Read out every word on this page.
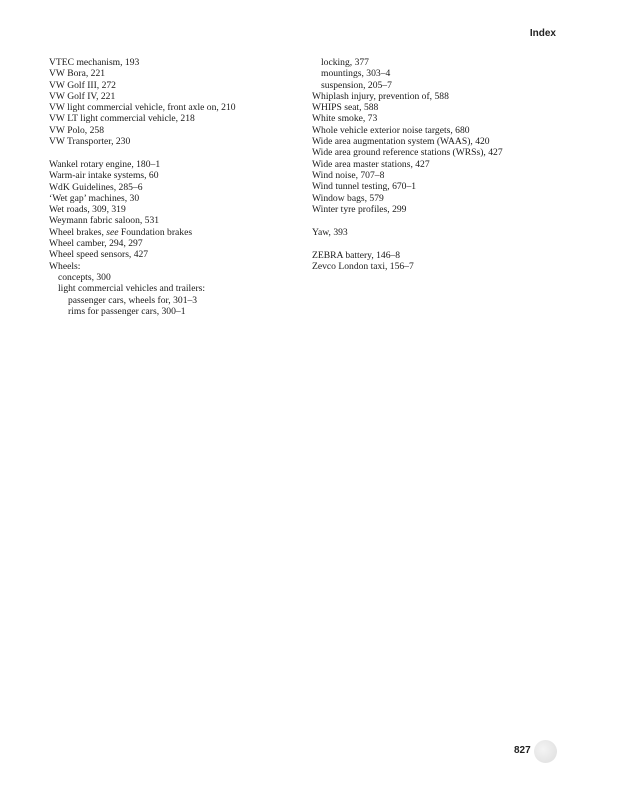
Index
VTEC mechanism, 193
VW Bora, 221
VW Golf III, 272
VW Golf IV, 221
VW light commercial vehicle, front axle on, 210
VW LT light commercial vehicle, 218
VW Polo, 258
VW Transporter, 230
Wankel rotary engine, 180–1
Warm-air intake systems, 60
WdK Guidelines, 285–6
‘Wet gap’ machines, 30
Wet roads, 309, 319
Weymann fabric saloon, 531
Wheel brakes, see Foundation brakes
Wheel camber, 294, 297
Wheel speed sensors, 427
Wheels:
concepts, 300
light commercial vehicles and trailers:
passenger cars, wheels for, 301–3
rims for passenger cars, 300–1
locking, 377
mountings, 303–4
suspension, 205–7
Whiplash injury, prevention of, 588
WHIPS seat, 588
White smoke, 73
Whole vehicle exterior noise targets, 680
Wide area augmentation system (WAAS), 420
Wide area ground reference stations (WRSs), 427
Wide area master stations, 427
Wind noise, 707–8
Wind tunnel testing, 670–1
Window bags, 579
Winter tyre profiles, 299
Yaw, 393
ZEBRA battery, 146–8
Zevco London taxi, 156–7
827
